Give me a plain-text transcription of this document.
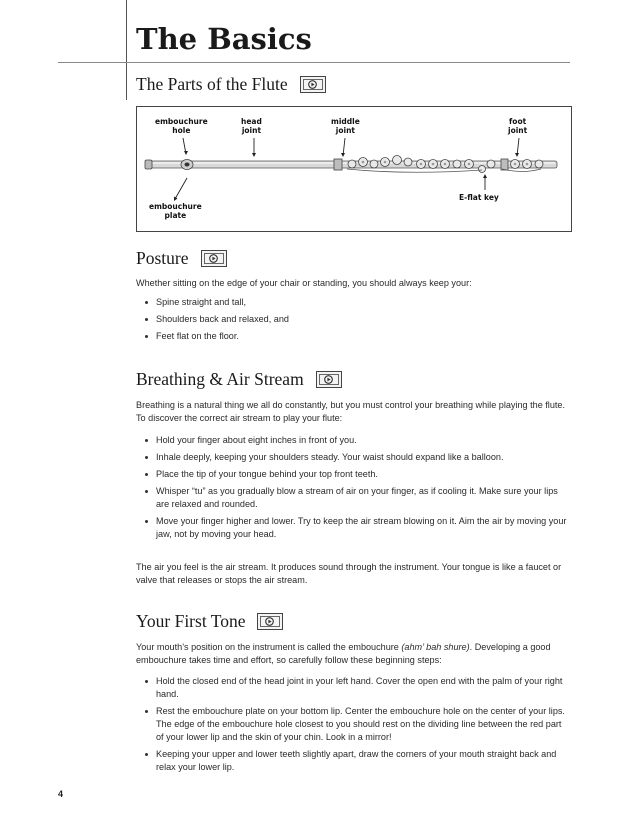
The Basics
The Parts of the Flute
embouchure
hole
head
joint
middle
joint
foot
joint
embouchure
plate
E-flat key
Posture

Whether sitting on the edge of your chair or standing, you should always keep your:

Spine straight and tall,
Shoulders back and relaxed, and
Feet flat on the floor.
Breathing & Air Stream

Breathing is a natural thing we all do constantly, but you must control your breathing while playing the flute. To discover the correct air stream to play your flute:

Hold your finger about eight inches in front of you.
Inhale deeply, keeping your shoulders steady. Your waist should expand like a balloon.
Place the tip of your tongue behind your top front teeth.
Whisper “tu” as you gradually blow a stream of air on your finger, as if cooling it. Make sure your lips are relaxed and rounded.
Move your finger higher and lower. Try to keep the air stream blowing on it. Aim the air by moving your jaw, not by moving your head.

The air you feel is the air stream. It produces sound through the instrument. Your tongue is like a faucet or valve that releases or stops the air stream.

Your First Tone

Your mouth’s position on the instrument is called the embouchure (ahm’ bah shure). Developing a good embouchure takes time and effort, so carefully follow these beginning steps:

Hold the closed end of the head joint in your left hand. Cover the open end with the palm of your right hand.
Rest the embouchure plate on your bottom lip. Center the embouchure hole on the center of your lips. The edge of the embouchure hole closest to you should rest on the dividing line between the red part of your lower lip and the skin of your chin. Look in a mirror!
Keeping your upper and lower teeth slightly apart, draw the corners of your mouth straight back and relax your lower lip.
4
